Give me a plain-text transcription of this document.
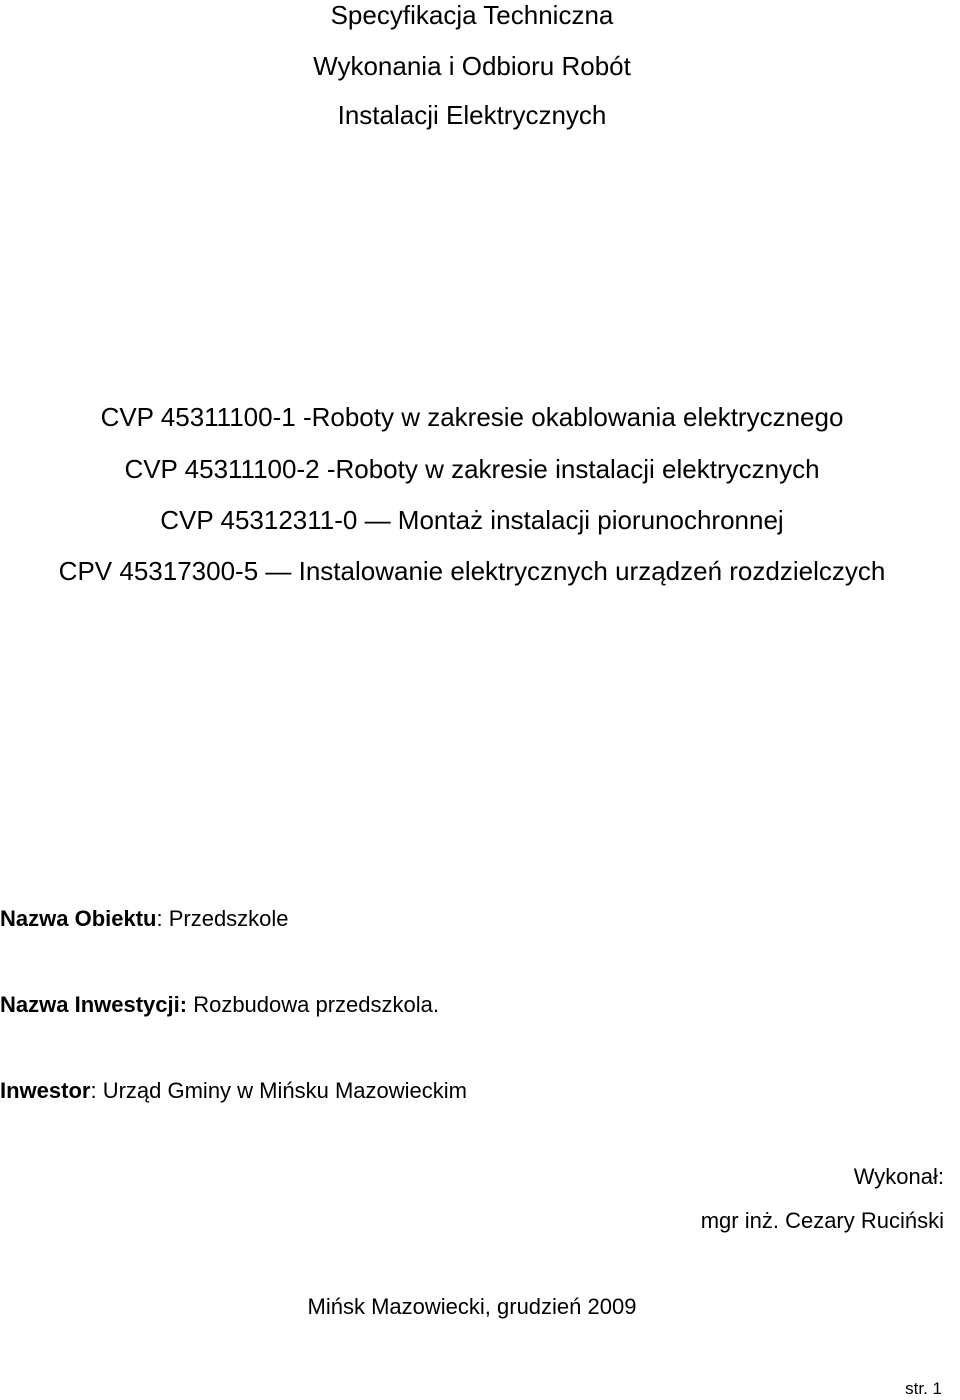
Specyfikacja Techniczna
Wykonania i Odbioru Robót
Instalacji Elektrycznych
CVP 45311100-1 -Roboty w zakresie okablowania elektrycznego
CVP 45311100-2 -Roboty w zakresie instalacji elektrycznych
CVP 45312311-0 — Montaż instalacji piorunochronnej
CPV 45317300-5 — Instalowanie elektrycznych urządzeń rozdzielczych
Nazwa Obiektu: Przedszkole
Nazwa Inwestycji: Rozbudowa przedszkola.
Inwestor: Urząd Gminy w Mińsku Mazowieckim
Wykonał:
mgr inż. Cezary Ruciński
Mińsk Mazowiecki, grudzień 2009
str. 1
